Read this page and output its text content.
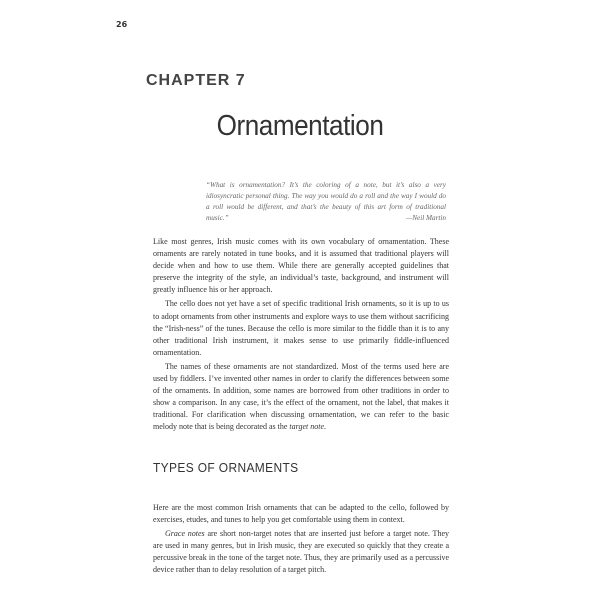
26
CHAPTER 7
Ornamentation
“What is ornamentation? It’s the coloring of a note, but it’s also a very idiosyncratic personal thing. The way you would do a roll and the way I would do a roll would be different, and that’s the beauty of this art form of traditional music.”	—Neil Martin

Like most genres, Irish music comes with its own vocabulary of ornamentation. These ornaments are rarely notated in tune books, and it is assumed that traditional players will decide when and how to use them. While there are generally accepted guidelines that preserve the integrity of the style, an individual’s taste, background, and instrument will greatly influence his or her approach.

The cello does not yet have a set of specific traditional Irish ornaments, so it is up to us to adopt ornaments from other instruments and explore ways to use them without sacrificing the “Irish-ness” of the tunes. Because the cello is more similar to the fiddle than it is to any other traditional Irish instrument, it makes sense to use primarily fiddle-influenced ornamentation.

The names of these ornaments are not standardized. Most of the terms used here are used by fiddlers. I’ve invented other names in order to clarify the differences between some of the ornaments. In addition, some names are borrowed from other traditions in order to show a comparison. In any case, it’s the effect of the ornament, not the label, that makes it traditional. For clarification when discussing ornamentation, we can refer to the basic melody note that is being decorated as the target note.

TYPES OF ORNAMENTS

Here are the most common Irish ornaments that can be adapted to the cello, followed by exercises, etudes, and tunes to help you get comfortable using them in context.

Grace notes are short non-target notes that are inserted just before a target note. They are used in many genres, but in Irish music, they are executed so quickly that they create a percussive break in the tone of the target note. Thus, they are primarily used as a percussive device rather than to delay resolution of a target pitch.
